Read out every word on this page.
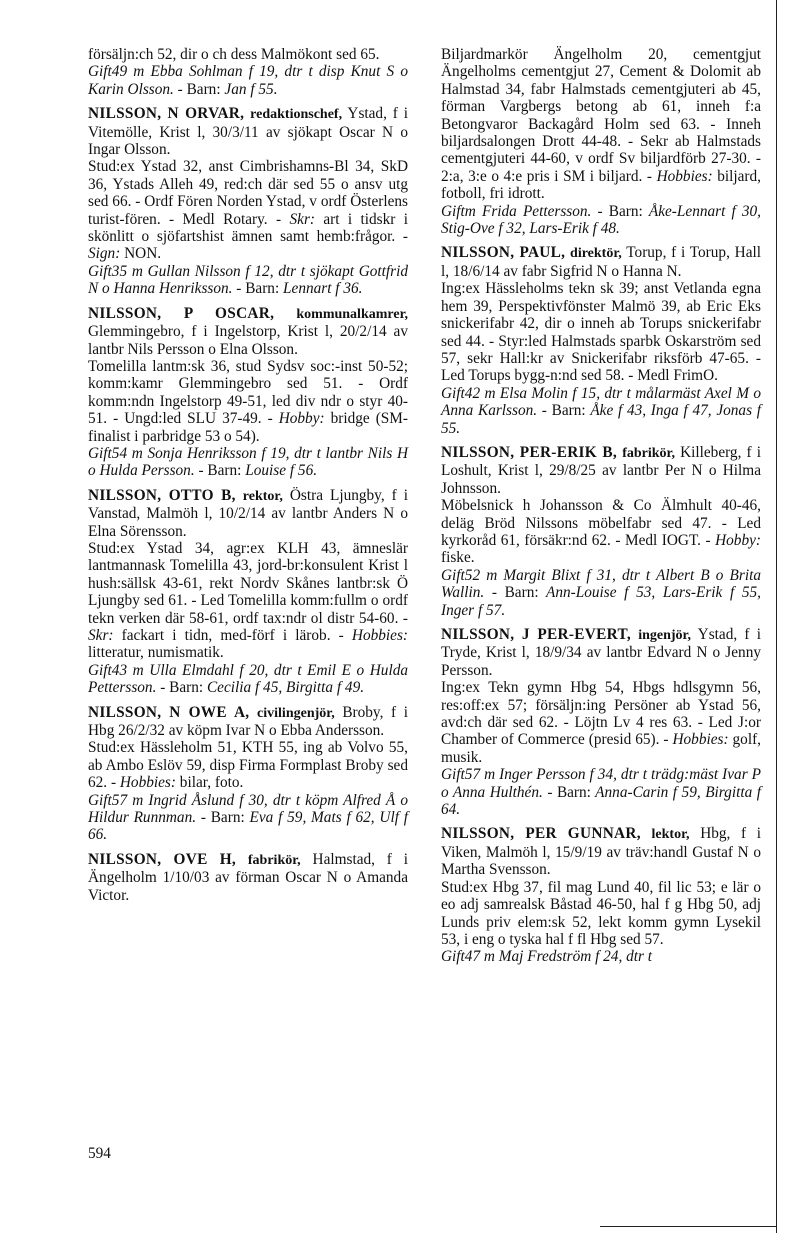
försäljn:ch 52, dir o ch dess Malmökont sed 65.

Gift49 m Ebba Sohlman f 19, dtr t disp Knut S o Karin Olsson. - Barn: Jan f 55.

NILSSON, N ORVAR, redaktionschef, Ystad, f i Vitemölle, Krist l, 30/3/11 av sjökapt Oscar N o Ingar Olsson.

Stud:ex Ystad 32, anst Cimbrishamns-Bl 34, SkD 36, Ystads Alleh 49, red:ch där sed 55 o ansv utg sed 66. - Ordf Fören Norden Ystad, v ordf Österlens turist-fören. - Medl Rotary. - Skr: art i tidskr i skönlitt o sjöfartshist ämnen samt hemb:frågor. - Sign: NON.

Gift35 m Gullan Nilsson f 12, dtr t sjökapt Gottfrid N o Hanna Henriksson. - Barn: Lennart f 36.

NILSSON, P OSCAR, kommunalkamrer, Glemmingebro, f i Ingelstorp, Krist l, 20/2/14 av lantbr Nils Persson o Elna Olsson.

Tomelilla lantm:sk 36, stud Sydsv soc:-inst 50-52; komm:kamr Glemmingebro sed 51. - Ordf komm:ndn Ingelstorp 49-51, led div ndr o styr 40-51. - Ungd:led SLU 37-49. - Hobby: bridge (SM-finalist i parbridge 53 o 54).

Gift54 m Sonja Henriksson f 19, dtr t lantbr Nils H o Hulda Persson. - Barn: Louise f 56.

NILSSON, OTTO B, rektor, Östra Ljungby, f i Vanstad, Malmöh l, 10/2/14 av lantbr Anders N o Elna Sörensson.

Stud:ex Ystad 34, agr:ex KLH 43, ämneslär lantmannask Tomelilla 43, jord-br:konsulent Krist l hush:sällsk 43-61, rekt Nordv Skånes lantbr:sk Ö Ljungby sed 61. - Led Tomelilla komm:fullm o ordf tekn verken där 58-61, ordf tax:ndr ol distr 54-60. - Skr: fackart i tidn, med-förf i lärob. - Hobbies: litteratur, numismatik.

Gift43 m Ulla Elmdahl f 20, dtr t Emil E o Hulda Pettersson. - Barn: Cecilia f 45, Birgitta f 49.

NILSSON, N OWE A, civilingenjör, Broby, f i Hbg 26/2/32 av köpm Ivar N o Ebba Andersson.

Stud:ex Hässleholm 51, KTH 55, ing ab Volvo 55, ab Ambo Eslöv 59, disp Firma Formplast Broby sed 62. - Hobbies: bilar, foto.

Gift57 m Ingrid Åslund f 30, dtr t köpm Alfred Å o Hildur Runnman. - Barn: Eva f 59, Mats f 62, Ulf f 66.

NILSSON, OVE H, fabrikör, Halmstad, f i Ängelholm 1/10/03 av förman Oscar N o Amanda Victor.

Biljardmarkör Ängelholm 20, cementgjut Ängelholms cementgjut 27, Cement & Dolomit ab Halmstad 34, fabr Halmstads cementgjuteri ab 45, förman Vargbergs betong ab 61, inneh f:a Betongvaror Backagård Holm sed 63. - Inneh biljardsalongen Drott 44-48. - Sekr ab Halmstads cementgjuteri 44-60, v ordf Sv biljardförb 27-30. - 2:a, 3:e o 4:e pris i SM i biljard. - Hobbies: biljard, fotboll, fri idrott.

Giftm Frida Pettersson. - Barn: Åke-Lennart f 30, Stig-Ove f 32, Lars-Erik f 48.

NILSSON, PAUL, direktör, Torup, f i Torup, Hall l, 18/6/14 av fabr Sigfrid N o Hanna N.

Ing:ex Hässleholms tekn sk 39; anst Vetlanda egna hem 39, Perspektivfönster Malmö 39, ab Eric Eks snickerifabr 42, dir o inneh ab Torups snickerifabr sed 44. - Styr:led Halmstads sparbk Oskarström sed 57, sekr Hall:kr av Snickerifabr riksförb 47-65. - Led Torups bygg-n:nd sed 58. - Medl FrimO.

Gift42 m Elsa Molin f 15, dtr t målarmäst Axel M o Anna Karlsson. - Barn: Åke f 43, Inga f 47, Jonas f 55.

NILSSON, PER-ERIK B, fabrikör, Killeberg, f i Loshult, Krist l, 29/8/25 av lantbr Per N o Hilma Johnsson.

Möbelsnick h Johansson & Co Älmhult 40-46, deläg Bröd Nilssons möbelfabr sed 47. - Led kyrkoråd 61, försäkr:nd 62. - Medl IOGT. - Hobby: fiske.

Gift52 m Margit Blixt f 31, dtr t Albert B o Brita Wallin. - Barn: Ann-Louise f 53, Lars-Erik f 55, Inger f 57.

NILSSON, J PER-EVERT, ingenjör, Ystad, f i Tryde, Krist l, 18/9/34 av lantbr Edvard N o Jenny Persson.

Ing:ex Tekn gymn Hbg 54, Hbgs hdlsgymn 56, res:off:ex 57; försäljn:ing Persöner ab Ystad 56, avd:ch där sed 62. - Löjtn Lv 4 res 63. - Led J:or Chamber of Commerce (presid 65). - Hobbies: golf, musik.

Gift57 m Inger Persson f 34, dtr t trädg:mäst Ivar P o Anna Hulthén. - Barn: Anna-Carin f 59, Birgitta f 64.

NILSSON, PER GUNNAR, lektor, Hbg, f i Viken, Malmöh l, 15/9/19 av träv:handl Gustaf N o Martha Svensson.

Stud:ex Hbg 37, fil mag Lund 40, fil lic 53; e lär o eo adj samrealsk Båstad 46-50, hal f g Hbg 50, adj Lunds priv elem:sk 52, lekt komm gymn Lysekil 53, i eng o tyska hal f fl Hbg sed 57.

Gift47 m Maj Fredström f 24, dtr t

594
